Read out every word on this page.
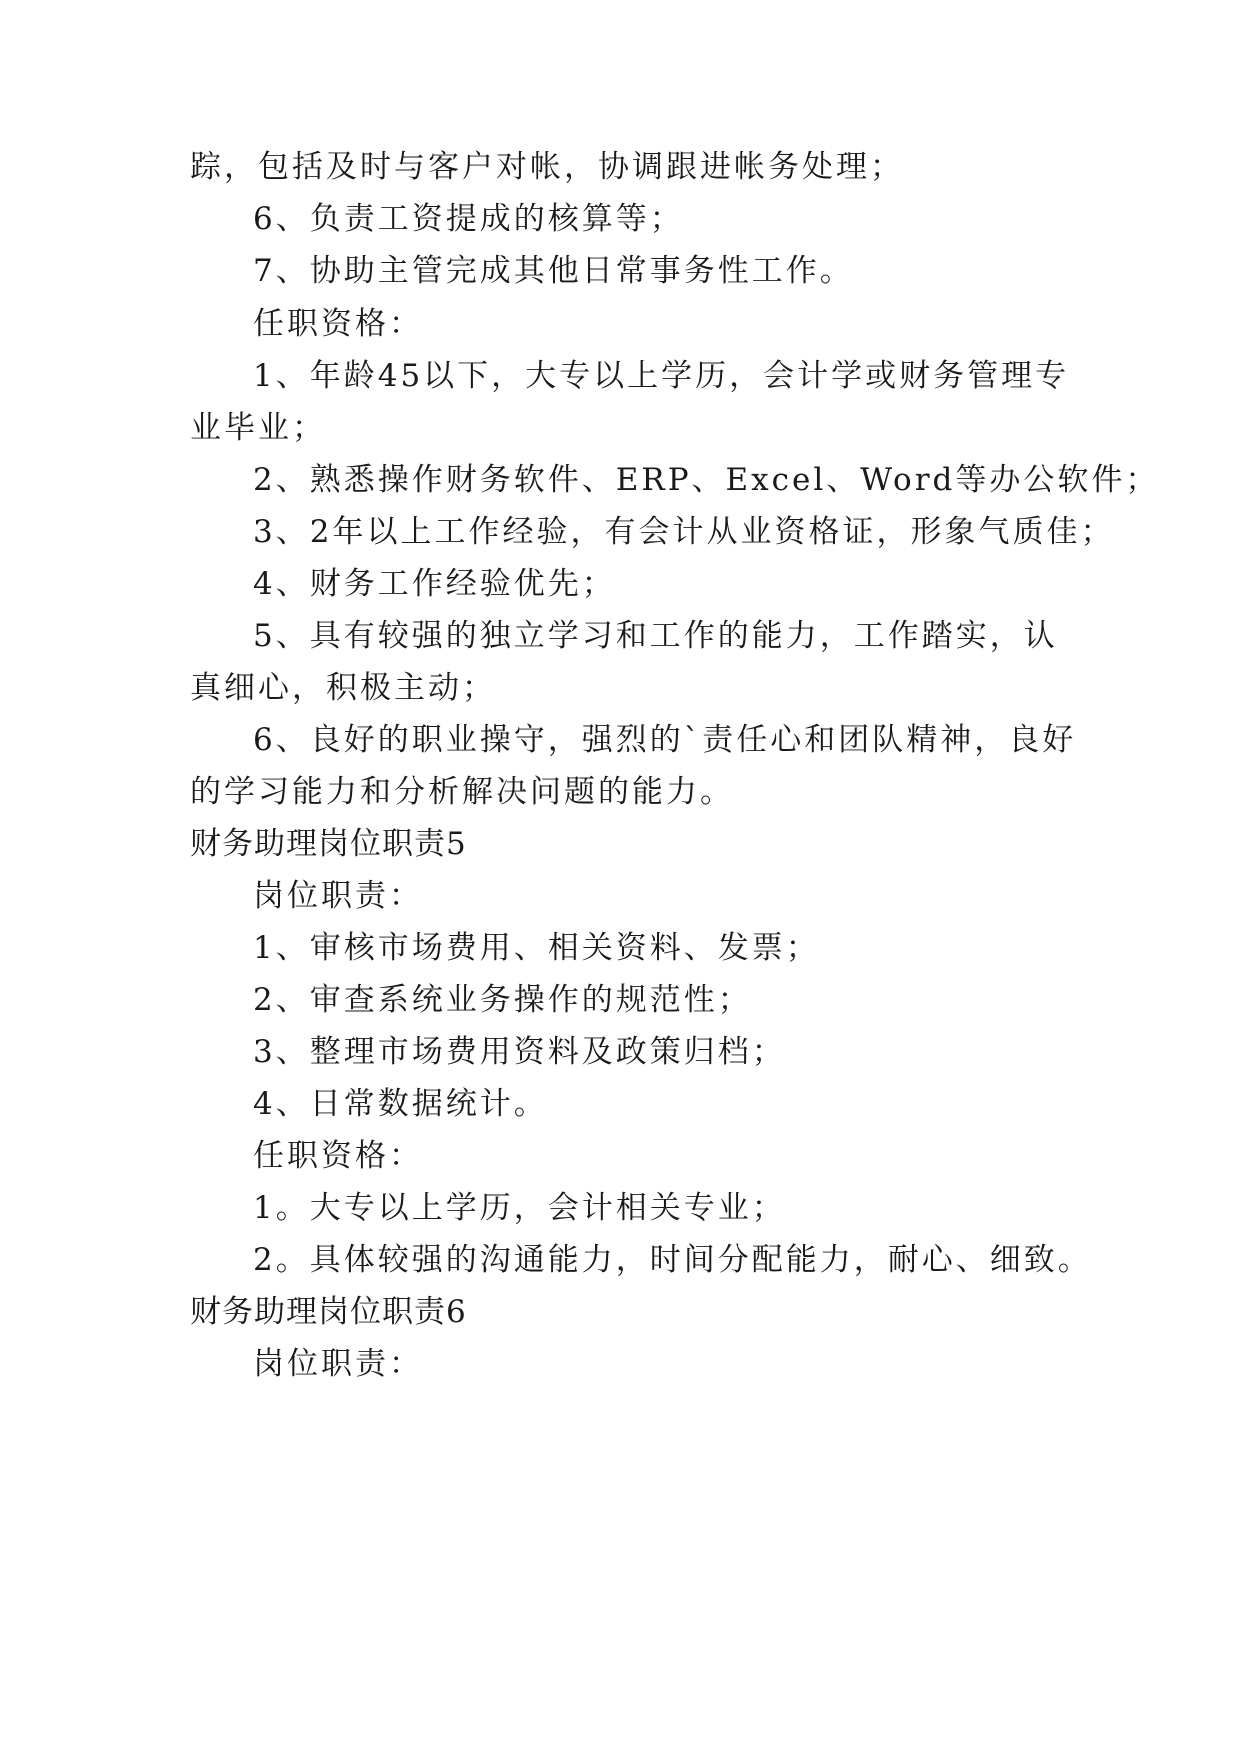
踪，包括及时与客户对帐，协调跟进帐务处理；
6、负责工资提成的核算等；
7、协助主管完成其他日常事务性工作。
任职资格：
1、年龄45以下，大专以上学历，会计学或财务管理专
业毕业；
2、熟悉操作财务软件、ERP、Excel、Word等办公软件；
3、2年以上工作经验，有会计从业资格证，形象气质佳；
4、财务工作经验优先；
5、具有较强的独立学习和工作的能力，工作踏实，认
真细心，积极主动；
6、良好的职业操守，强烈的`责任心和团队精神，良好
的学习能力和分析解决问题的能力。
财务助理岗位职责5
岗位职责：
1、审核市场费用、相关资料、发票；
2、审查系统业务操作的规范性；
3、整理市场费用资料及政策归档；
4、日常数据统计。
任职资格：
1。大专以上学历，会计相关专业；
2。具体较强的沟通能力，时间分配能力，耐心、细致。
财务助理岗位职责6
岗位职责：
